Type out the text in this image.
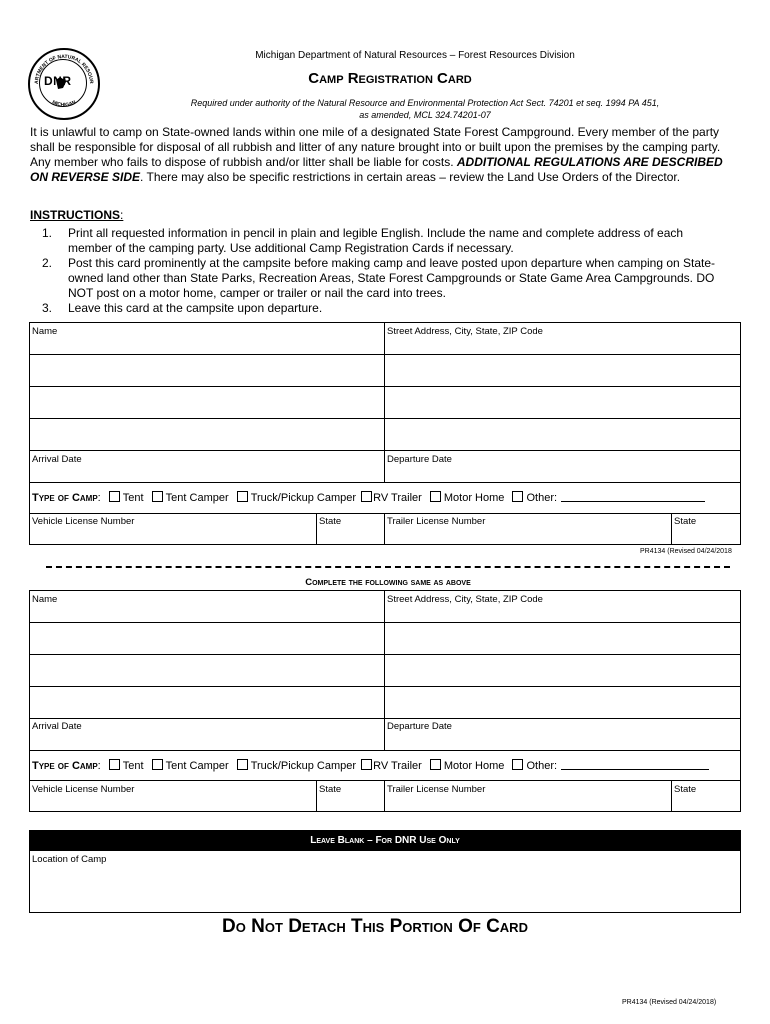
ARTMENT OF NATURAL RESOUR
MICHIGAN
DNR
Michigan Department of Natural Resources – Forest Resources Division
Camp Registration Card
Required under authority of the Natural Resource and Environmental Protection Act Sect. 74201 et seq. 1994 PA 451,
as amended, MCL 324.74201-07
It is unlawful to camp on State-owned lands within one mile of a designated State Forest Campground. Every member of the party shall be responsible for disposal of all rubbish and litter of any nature brought into or built upon the premises by the camping party. Any member who fails to dispose of rubbish and/or litter shall be liable for costs. ADDITIONAL REGULATIONS ARE DESCRIBED ON REVERSE SIDE. There may also be specific restrictions in certain areas – review the Land Use Orders of the Director.
INSTRUCTIONS:
1. Print all requested information in pencil in plain and legible English. Include the name and complete address of each member of the camping party. Use additional Camp Registration Cards if necessary.
2. Post this card prominently at the campsite before making camp and leave posted upon departure when camping on State-owned land other than State Parks, Recreation Areas, State Forest Campgrounds or State Game Area Campgrounds. DO NOT post on a motor home, camper or trailer or nail the card into trees.
3. Leave this card at the campsite upon departure.
Name	Street Address, City, State, ZIP Code
Arrival Date	Departure Date
Type of Camp: Tent Tent Camper Truck/Pickup Camper RV Trailer Motor Home Other:
Vehicle License Number	State	Trailer License Number	State
PR4134 (Revised 04/24/2018
Complete the following same as above
Name	Street Address, City, State, ZIP Code
Arrival Date	Departure Date
Type of Camp: Tent Tent Camper Truck/Pickup Camper RV Trailer Motor Home Other:
Vehicle License Number	State	Trailer License Number	State
Leave Blank – For DNR Use Only
Location of Camp
Do Not Detach This Portion Of Card
PR4134 (Revised 04/24/2018)
